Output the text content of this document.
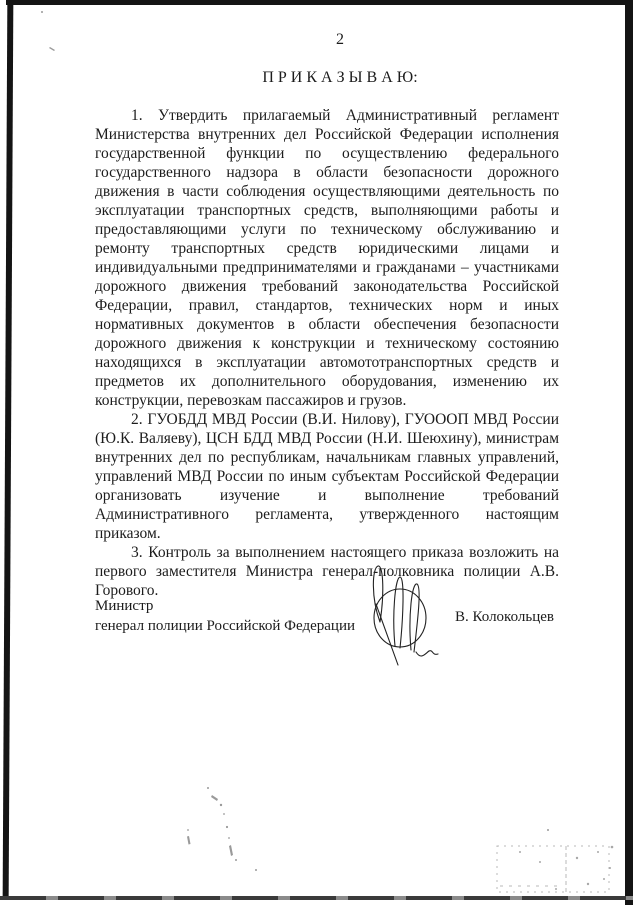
2
П Р И К А З Ы В А Ю:

1. Утвердить прилагаемый Административный регламент Министерства внутренних дел Российской Федерации исполнения государственной функции по осуществлению федерального государственного надзора в области безопасности дорожного движения в части соблюдения осуществляющими деятельность по эксплуатации транспортных средств, выполняющими работы и предоставляющими услуги по техническому обслуживанию и ремонту транспортных средств юридическими лицами и индивидуальными предпринимателями и гражданами – участниками дорожного движения требований законодательства Российской Федерации, правил, стандартов, технических норм и иных нормативных документов в области обеспечения безопасности дорожного движения к конструкции и техническому состоянию находящихся в эксплуатации автомототранспортных средств и предметов их дополнительного оборудования, изменению их конструкции, перевозкам пассажиров и грузов.

2. ГУОБДД МВД России (В.И. Нилову), ГУОООП МВД России (Ю.К. Валяеву), ЦСН БДД МВД России (Н.И. Шеюхину), министрам внутренних дел по республикам, начальникам главных управлений, управлений МВД России по иным субъектам Российской Федерации организовать изучение и выполнение требований Административного регламента, утвержденного настоящим приказом.

3. Контроль за выполнением настоящего приказа возложить на первого заместителя Министра генерал-полковника полиции А.В. Горового.

Министр
генерал полиции Российской Федерации
В. Колокольцев
